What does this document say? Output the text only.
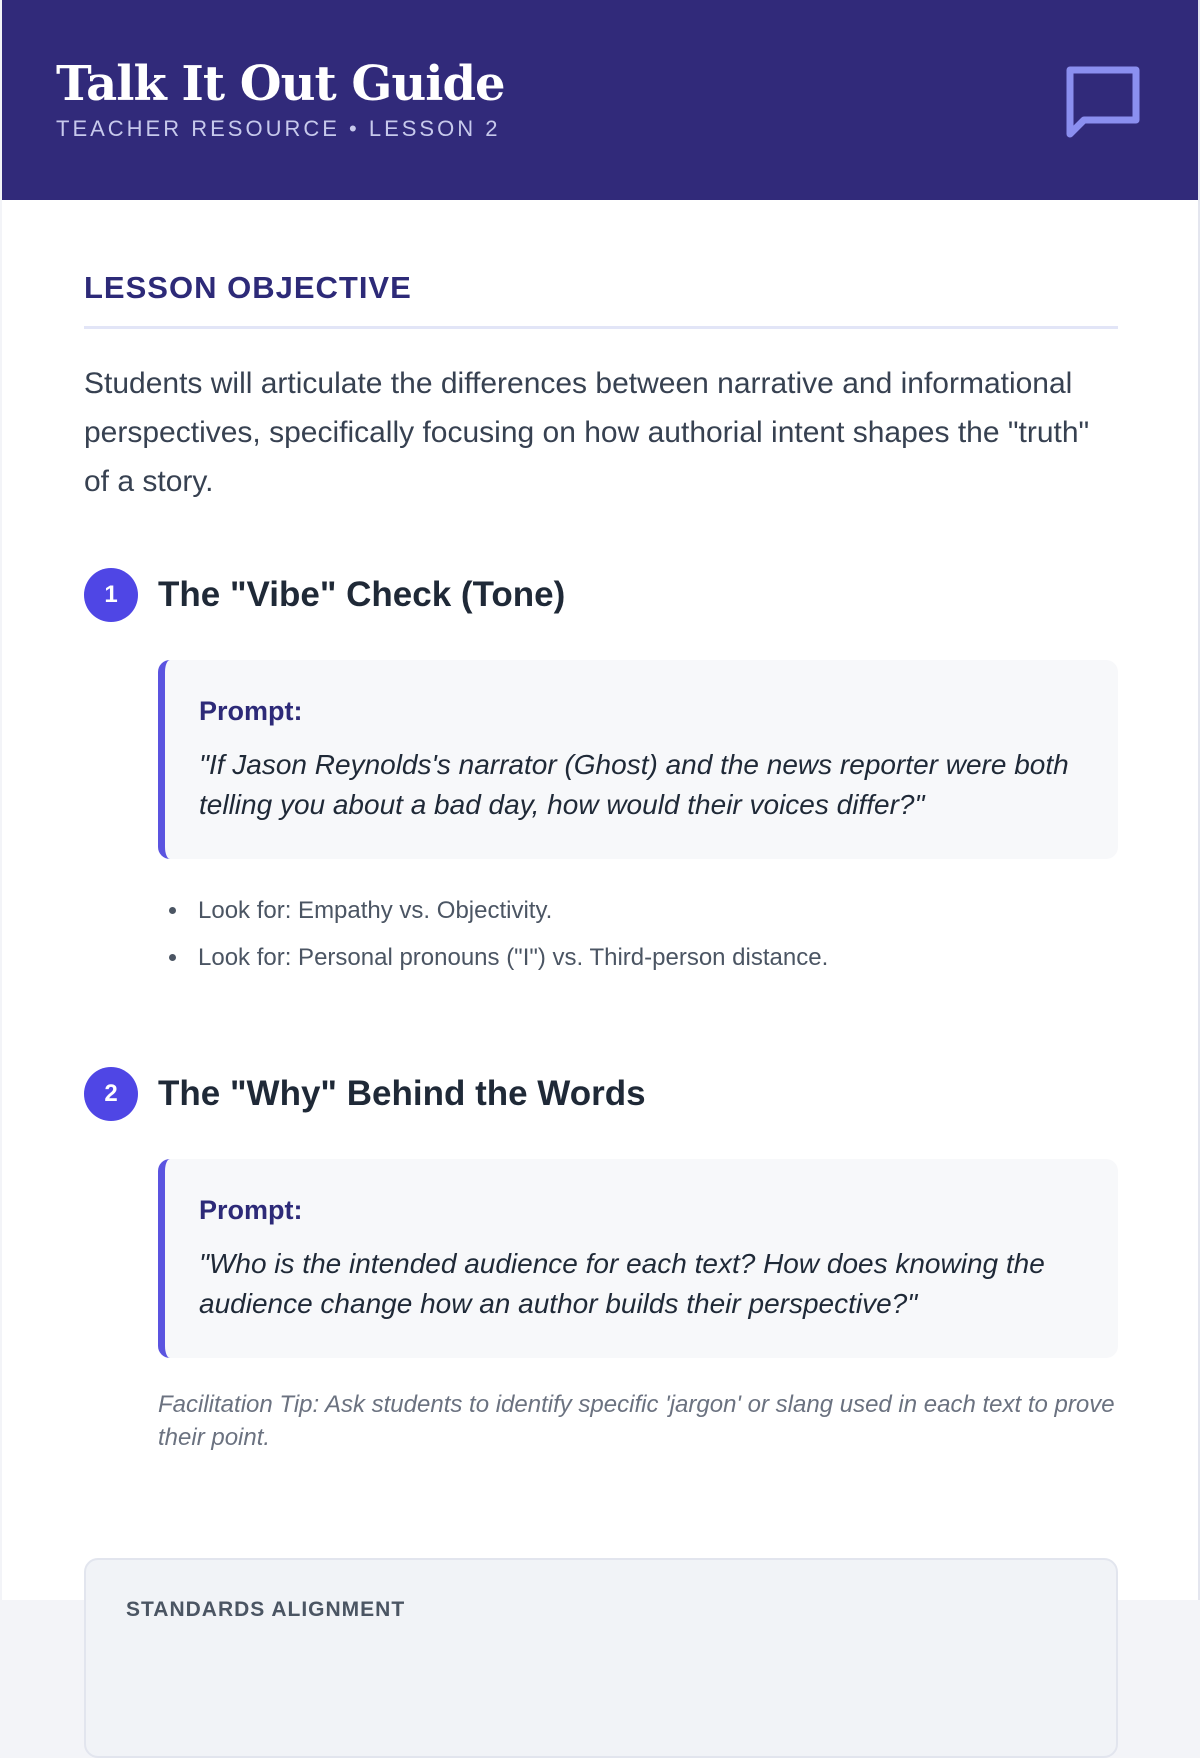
Talk It Out Guide
TEACHER RESOURCE • LESSON 2
LESSON OBJECTIVE

Students will articulate the differences between narrative and informational perspectives, specifically focusing on how authorial intent shapes the "truth" of a story.

1	The "Vibe" Check (Tone)
Prompt:

"If Jason Reynolds's narrator (Ghost) and the news reporter were both telling you about a bad day, how would their voices differ?"

• Look for: Empathy vs. Objectivity.
• Look for: Personal pronouns ("I") vs. Third-person distance.
2	The "Why" Behind the Words
Prompt:

"Who is the intended audience for each text? How does knowing the audience change how an author builds their perspective?"

Facilitation Tip: Ask students to identify specific 'jargon' or slang used in each text to prove their point.

STANDARDS ALIGNMENT
